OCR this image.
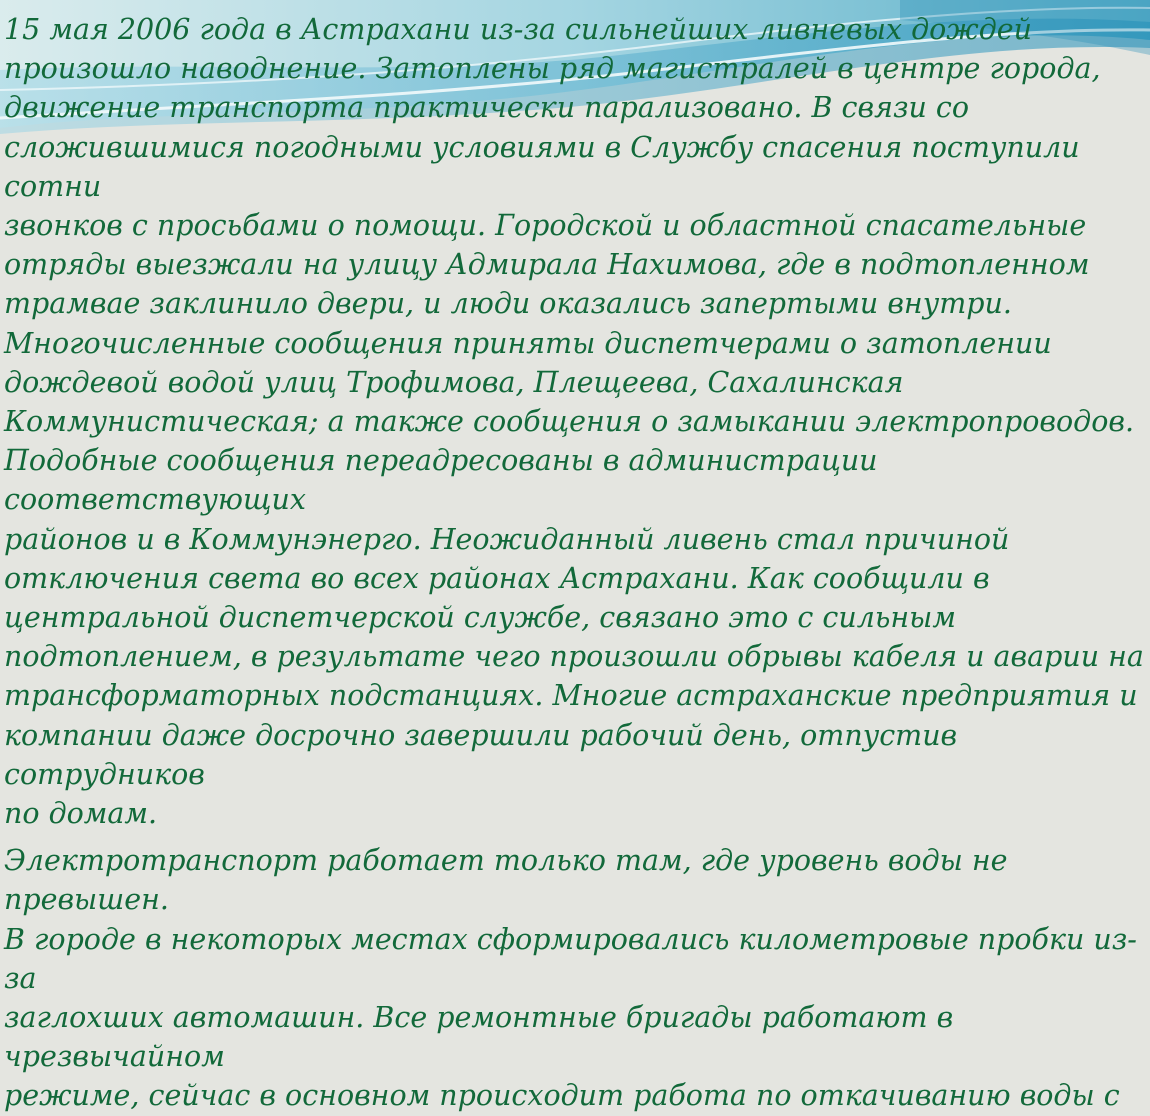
15 мая 2006 года в Астрахани из-за сильнейших ливневых дождей
произошло наводнение. Затоплены ряд магистралей в центре города,
движение транспорта практически парализовано. В связи со
сложившимися погодными условиями в Службу спасения поступили сотни
звонков с просьбами о помощи. Городской и областной спасательные
отряды выезжали на улицу Адмирала Нахимова, где в подтопленном
трамвае заклинило двери, и люди оказались запертыми внутри.
Многочисленные сообщения приняты диспетчерами о затоплении
дождевой водой улиц Трофимова, Плещеева, Сахалинская
Коммунистическая; а также сообщения о замыкании электропроводов.
Подобные сообщения переадресованы в администрации соответствующих
районов и в Коммунэнерго. Неожиданный ливень стал причиной
отключения света во всех районах Астрахани. Как сообщили в
центральной диспетчерской службе, связано это с сильным
подтоплением, в результате чего произошли обрывы кабеля и аварии на
трансформаторных подстанциях. Многие астраханские предприятия и
компании даже досрочно завершили рабочий день, отпустив сотрудников
по домам.

Электротранспорт работает только там, где уровень воды не превышен.
В городе в некоторых местах сформировались километровые пробки из-за
заглохших автомашин. Все ремонтные бригады работают в чрезвычайном
режиме, сейчас в основном происходит работа по откачиванию воды с
